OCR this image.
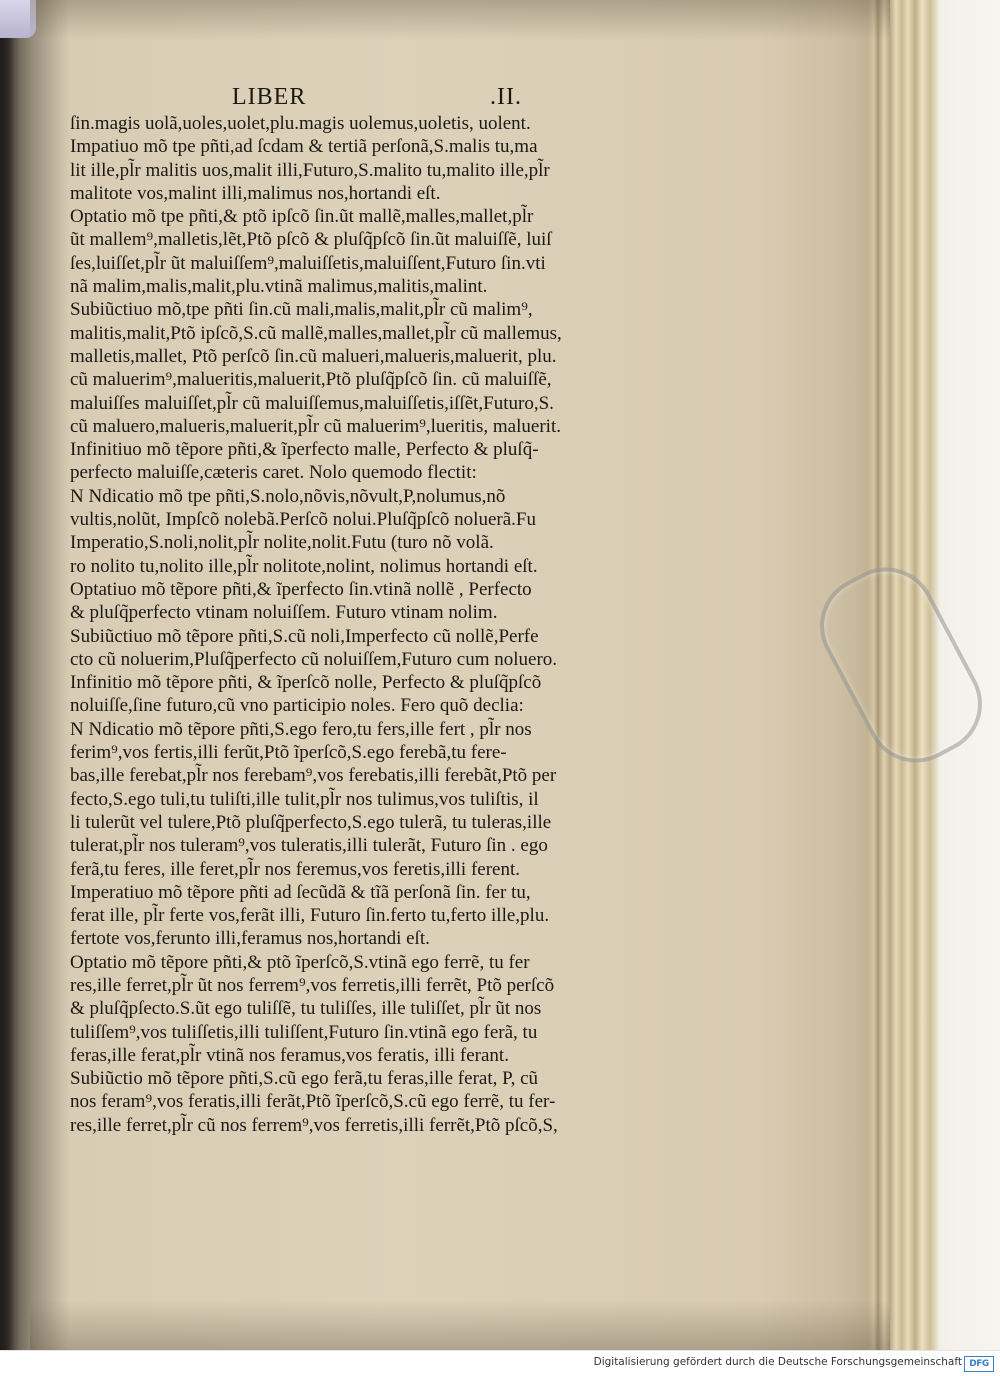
LIBER	.II.
ſin.magis uolã,uoles,uolet,plu.magis uolemus,uoletis, uolent.
Impatiuo mõ tpe pñti,ad ſcdam & tertiã perſonã,S.malis tu,ma
lit ille,pl̃r malitis uos,malit illi,Futuro,S.malito tu,malito ille,pl̃r
malitote vos,malint illi,malimus nos,hortandi eſt.
Optatio mõ tpe pñti,& ptõ ipſcõ ſin.ũt mallẽ,malles,mallet,pl̃r
ũt mallem⁹,malletis,lẽt,Ptõ pſcõ & pluſq̃pſcõ ſin.ũt maluiſſẽ, luiſ
ſes,luiſſet,pl̃r ũt maluiſſem⁹,maluiſſetis,maluiſſent,Futuro ſin.vti
nã malim,malis,malit,plu.vtinã malimus,malitis,malint.
Subiũctiuo mõ,tpe pñti ſin.cũ mali,malis,malit,pl̃r cũ malim⁹,
malitis,malit,Ptõ ipſcõ,S.cũ mallẽ,malles,mallet,pl̃r cũ mallemus,
malletis,mallet, Ptõ perſcõ ſin.cũ malueri,malueris,maluerit, plu.
cũ maluerim⁹,malueritis,maluerit,Ptõ pluſq̃pſcõ ſin. cũ maluiſſẽ,
maluiſſes maluiſſet,pl̃r cũ maluiſſemus,maluiſſetis,iſſẽt,Futuro,S.
cũ maluero,malueris,maluerit,pl̃r cũ maluerim⁹,lueritis, maluerit.
Infinitiuo mõ tẽpore pñti,& ĩperfecto malle, Perfecto & pluſq̃-
perfecto maluiſſe,cæteris caret. Nolo quemodo flectit:
N Ndicatio mõ tpe pñti,S.nolo,nõvis,nõvult,P,nolumus,nõ
vultis,nolũt, Impſcõ nolebã.Perſcõ nolui.Pluſq̃pſcõ noluerã.Fu
Imperatio,S.noli,nolit,pl̃r nolite,nolit.Futu (turo nõ volã.
ro nolito tu,nolito ille,pl̃r nolitote,nolint, nolimus hortandi eſt.
Optatiuo mõ tẽpore pñti,& ĩperfecto ſin.vtinã nollẽ , Perfecto
& pluſq̃perfecto vtinam noluiſſem. Futuro vtinam nolim.
Subiũctiuo mõ tẽpore pñti,S.cũ noli,Imperfecto cũ nollẽ,Perfe
cto cũ noluerim,Pluſq̃perfecto cũ noluiſſem,Futuro cum noluero.
Infinitio mõ tẽpore pñti, & ĩperſcõ nolle, Perfecto & pluſq̃pſcõ
noluiſſe,ſine futuro,cũ vno participio noles. Fero quõ declia:
N Ndicatio mõ tẽpore pñti,S.ego fero,tu fers,ille fert , pl̃r nos
ferim⁹,vos fertis,illi ferũt,Ptõ ĩperſcõ,S.ego ferebã,tu fere-
bas,ille ferebat,pl̃r nos ferebam⁹,vos ferebatis,illi ferebãt,Ptõ per
fecto,S.ego tuli,tu tuliſti,ille tulit,pl̃r nos tulimus,vos tuliſtis, il
li tulerũt vel tulere,Ptõ pluſq̃perfecto,S.ego tulerã, tu tuleras,ille
tulerat,pl̃r nos tuleram⁹,vos tuleratis,illi tulerãt, Futuro ſin . ego
ferã,tu feres, ille feret,pl̃r nos feremus,vos feretis,illi ferent.
Imperatiuo mõ tẽpore pñti ad ſecũdã & tĩã perſonã ſin. fer tu,
ferat ille, pl̃r ferte vos,ferãt illi, Futuro ſin.ferto tu,ferto ille,plu.
fertote vos,ferunto illi,feramus nos,hortandi eſt.
Optatio mõ tẽpore pñti,& ptõ ĩperſcõ,S.vtinã ego ferrẽ, tu fer
res,ille ferret,pl̃r ũt nos ferrem⁹,vos ferretis,illi ferrẽt, Ptõ perſcõ
& pluſq̃pſecto.S.ũt ego tuliſſẽ, tu tuliſſes, ille tuliſſet, pl̃r ũt nos
tuliſſem⁹,vos tuliſſetis,illi tuliſſent,Futuro ſin.vtinã ego ferã, tu
feras,ille ferat,pl̃r vtinã nos feramus,vos feratis, illi ferant.
Subiũctio mõ tẽpore pñti,S.cũ ego ferã,tu feras,ille ferat, P, cũ
nos feram⁹,vos feratis,illi ferãt,Ptõ ĩperſcõ,S.cũ ego ferrẽ, tu fer-
res,ille ferret,pl̃r cũ nos ferrem⁹,vos ferretis,illi ferrẽt,Ptõ pſcõ,S,
Digitalisierung gefördert durch die Deutsche Forschungsgemeinschaft DFG
